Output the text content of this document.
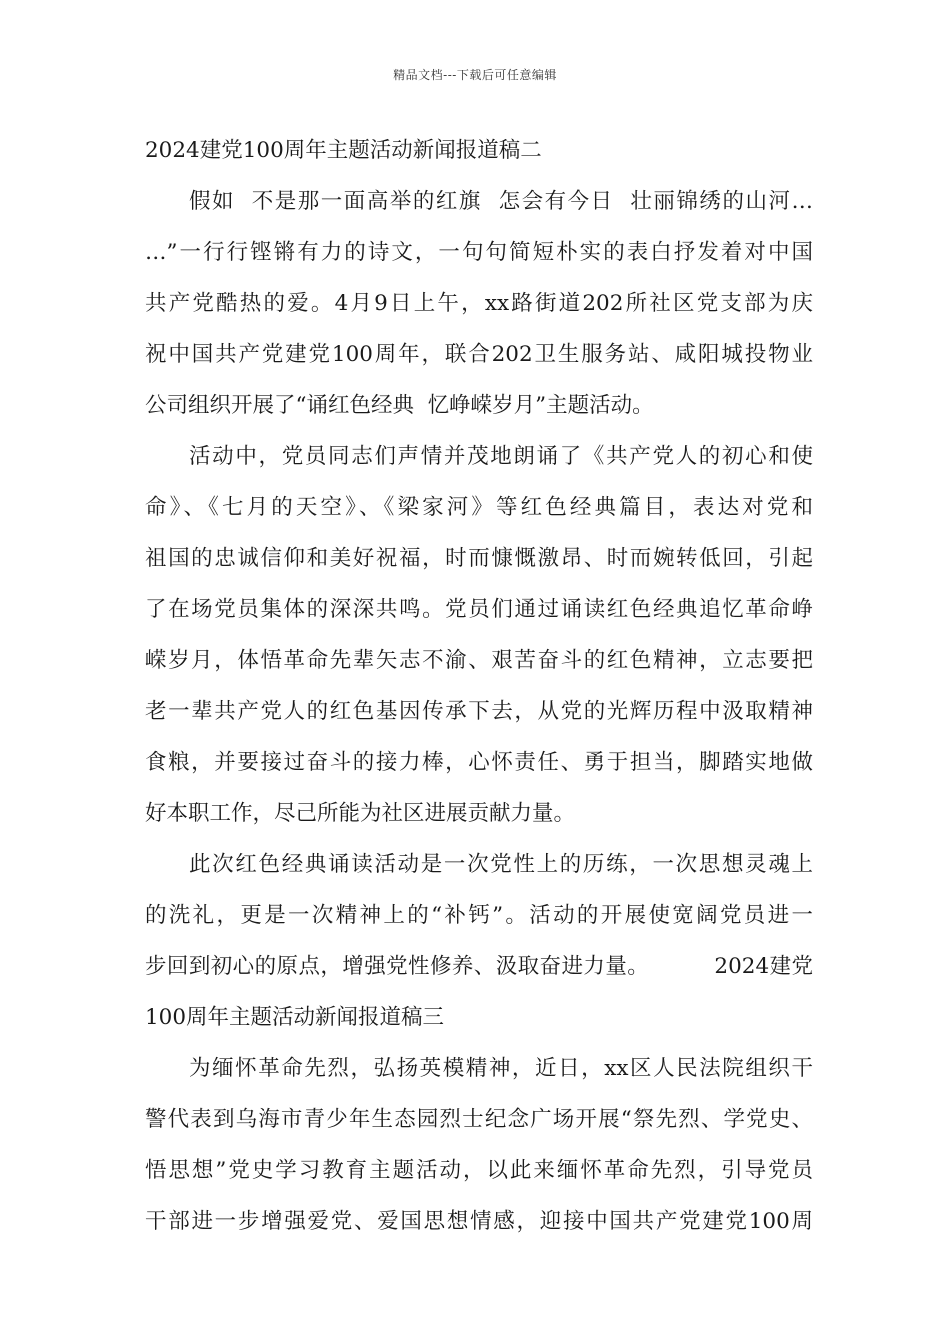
精品文档---下载后可任意编辑
2024建党100周年主题活动新闻报道稿二
假如  不是那一面高举的红旗  怎会有今日  壮丽锦绣的山河…
…”一行行铿锵有力的诗文，一句句简短朴实的表白抒发着对中国
共产党酷热的爱。4月9日上午，xx路街道202所社区党支部为庆
祝中国共产党建党100周年，联合202卫生服务站、咸阳城投物业
公司组织开展了“诵红色经典  忆峥嵘岁月”主题活动。
活动中，党员同志们声情并茂地朗诵了《共产党人的初心和使
命》、《七月的天空》、《梁家河》等红色经典篇目，表达对党和
祖国的忠诚信仰和美好祝福，时而慷慨激昂、时而婉转低回，引起
了在场党员集体的深深共鸣。党员们通过诵读红色经典追忆革命峥
嵘岁月，体悟革命先辈矢志不渝、艰苦奋斗的红色精神，立志要把
老一辈共产党人的红色基因传承下去，从党的光辉历程中汲取精神
食粮，并要接过奋斗的接力棒，心怀责任、勇于担当，脚踏实地做
好本职工作，尽己所能为社区进展贡献力量。
此次红色经典诵读活动是一次党性上的历练，一次思想灵魂上
的洗礼，更是一次精神上的“补钙”。活动的开展使宽阔党员进一
步回到初心的原点，增强党性修养、汲取奋进力量。         2024建党
100周年主题活动新闻报道稿三
为缅怀革命先烈，弘扬英模精神，近日，xx区人民法院组织干
警代表到乌海市青少年生态园烈士纪念广场开展“祭先烈、学党史、
悟思想”党史学习教育主题活动，以此来缅怀革命先烈，引导党员
干部进一步增强爱党、爱国思想情感，迎接中国共产党建党100周
